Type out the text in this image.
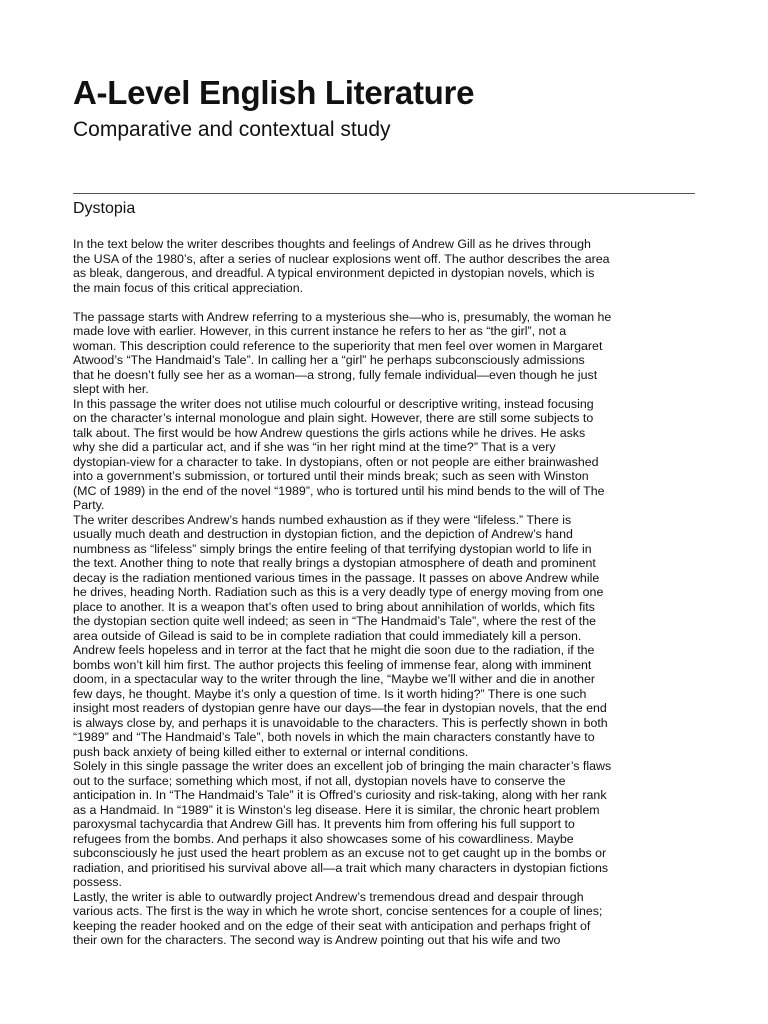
A-Level English Literature
Comparative and contextual study
Dystopia

In the text below the writer describes thoughts and feelings of Andrew Gill as he drives through
the USA of the 1980’s, after a series of nuclear explosions went off. The author describes the area
as bleak, dangerous, and dreadful. A typical environment depicted in dystopian novels, which is
the main focus of this critical appreciation.

The passage starts with Andrew referring to a mysterious she—who is, presumably, the woman he
made love with earlier. However, in this current instance he refers to her as “the girl”, not a
woman. This description could reference to the superiority that men feel over women in Margaret
Atwood’s “The Handmaid’s Tale”. In calling her a “girl” he perhaps subconsciously admissions
that he doesn’t fully see her as a woman—a strong, fully female individual—even though he just
slept with her.

In this passage the writer does not utilise much colourful or descriptive writing, instead focusing
on the character’s internal monologue and plain sight. However, there are still some subjects to
talk about. The first would be how Andrew questions the girls actions while he drives. He asks
why she did a particular act, and if she was “in her right mind at the time?” That is a very
dystopian-view for a character to take. In dystopians, often or not people are either brainwashed
into a government’s submission, or tortured until their minds break; such as seen with Winston
(MC of 1989) in the end of the novel “1989”, who is tortured until his mind bends to the will of The
Party.

The writer describes Andrew’s hands numbed exhaustion as if they were “lifeless.” There is
usually much death and destruction in dystopian fiction, and the depiction of Andrew’s hand
numbness as “lifeless” simply brings the entire feeling of that terrifying dystopian world to life in
the text. Another thing to note that really brings a dystopian atmosphere of death and prominent
decay is the radiation mentioned various times in the passage. It passes on above Andrew while
he drives, heading North. Radiation such as this is a very deadly type of energy moving from one
place to another. It is a weapon that’s often used to bring about annihilation of worlds, which fits
the dystopian section quite well indeed; as seen in “The Handmaid’s Tale”, where the rest of the
area outside of Gilead is said to be in complete radiation that could immediately kill a person.

Andrew feels hopeless and in terror at the fact that he might die soon due to the radiation, if the
bombs won’t kill him first. The author projects this feeling of immense fear, along with imminent
doom, in a spectacular way to the writer through the line, “Maybe we’ll wither and die in another
few days, he thought. Maybe it’s only a question of time. Is it worth hiding?” There is one such
insight most readers of dystopian genre have our days—the fear in dystopian novels, that the end
is always close by, and perhaps it is unavoidable to the characters. This is perfectly shown in both
“1989” and “The Handmaid’s Tale”, both novels in which the main characters constantly have to
push back anxiety of being killed either to external or internal conditions.

Solely in this single passage the writer does an excellent job of bringing the main character’s flaws
out to the surface; something which most, if not all, dystopian novels have to conserve the
anticipation in. In “The Handmaid’s Tale” it is Offred’s curiosity and risk-taking, along with her rank
as a Handmaid. In “1989” it is Winston’s leg disease. Here it is similar, the chronic heart problem
paroxysmal tachycardia that Andrew Gill has. It prevents him from offering his full support to
refugees from the bombs. And perhaps it also showcases some of his cowardliness. Maybe
subconsciously he just used the heart problem as an excuse not to get caught up in the bombs or
radiation, and prioritised his survival above all—a trait which many characters in dystopian fictions
possess.

Lastly, the writer is able to outwardly project Andrew’s tremendous dread and despair through
various acts. The first is the way in which he wrote short, concise sentences for a couple of lines;
keeping the reader hooked and on the edge of their seat with anticipation and perhaps fright of
their own for the characters. The second way is Andrew pointing out that his wife and two
